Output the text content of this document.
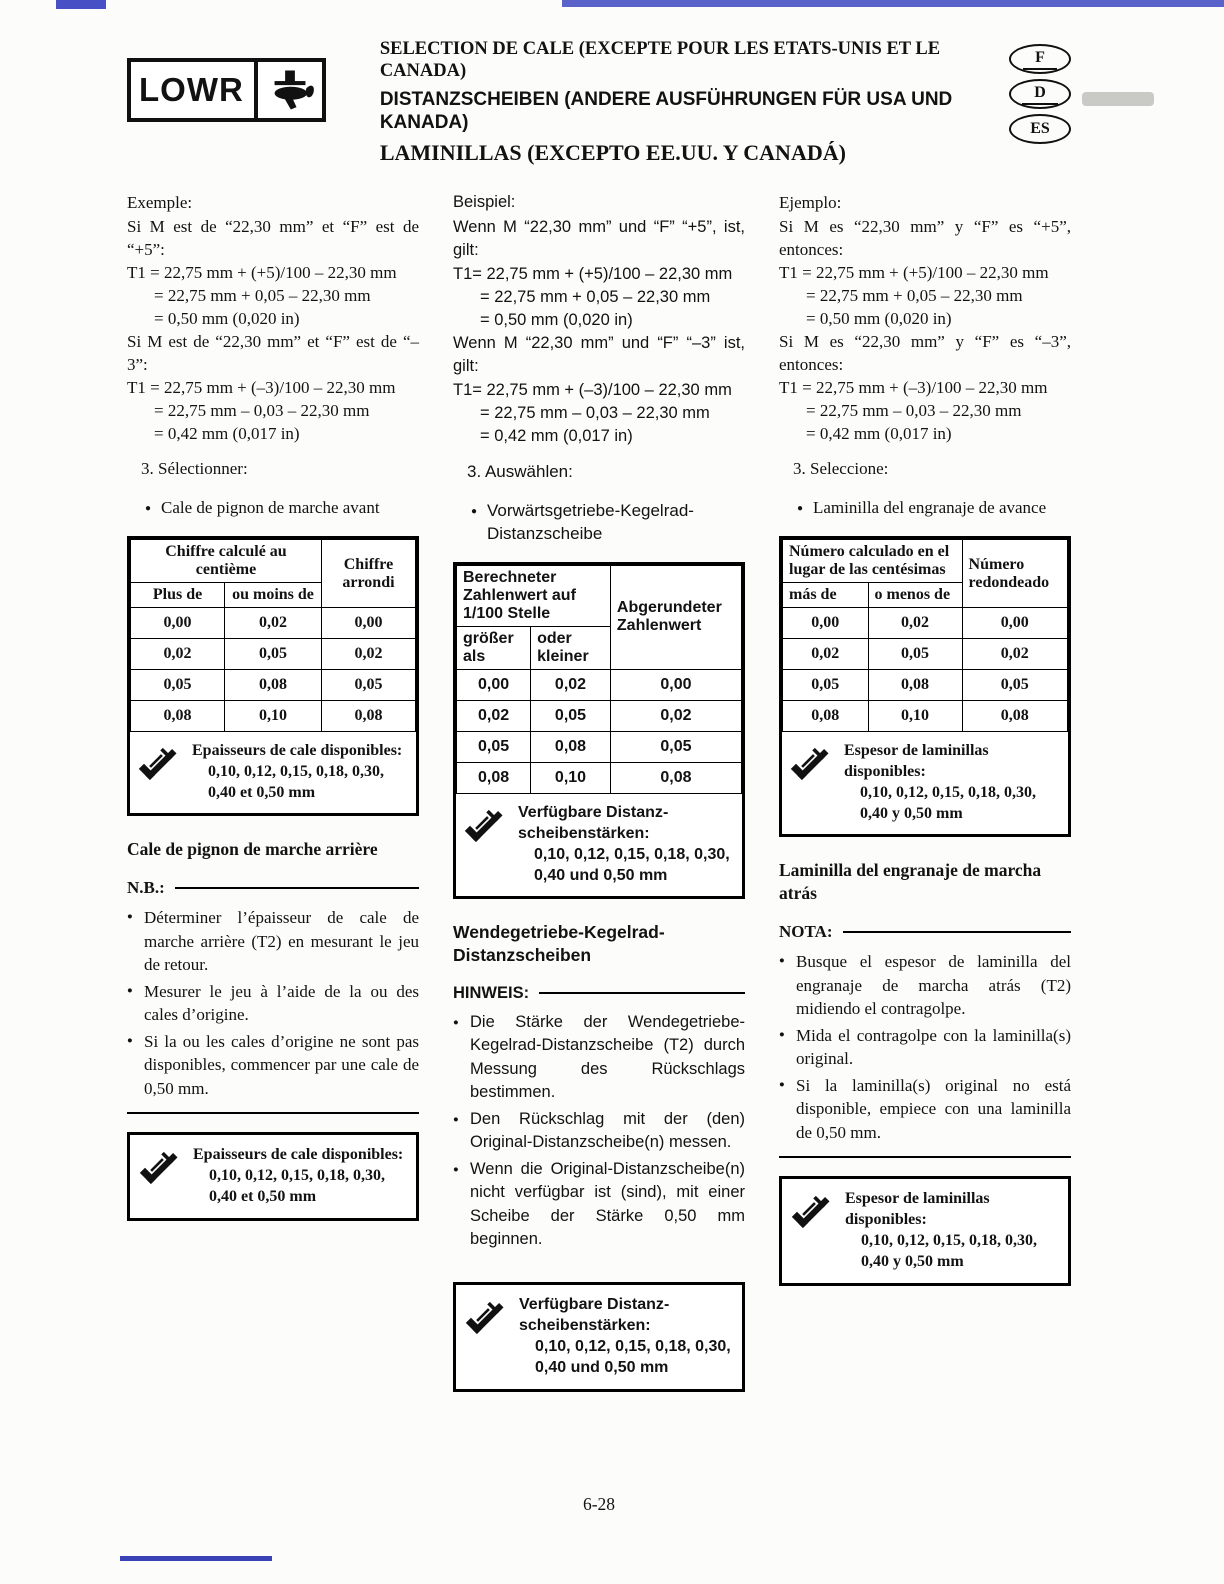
LOWR

SELECTION DE CALE (EXCEPTE POUR LES ETATS-UNIS ET LE CANADA)

DISTANZSCHEIBEN (ANDERE AUSFÜHRUNGEN FÜR USA UND KANADA)

LAMINILLAS (EXCEPTO EE.UU. Y CANADÁ)

F
D
ES

Exemple:

Si M est de “22,30 mm” et “F” est de “+5”:

T1 = 22,75 mm + (+5)/100 – 22,30 mm
= 22,75 mm + 0,05 – 22,30 mm
= 0,50 mm (0,020 in)

Si M est de “22,30 mm” et “F” est de “–3”:

T1 = 22,75 mm + (–3)/100 – 22,30 mm
= 22,75 mm – 0,03 – 22,30 mm
= 0,42 mm (0,017 in)

3. Sélectionner:

● Cale de pignon de marche avant

Chiffre calculé au centième		Chiffre arrondi
Plus de	ou moins de	
0,00	0,02	0,00
0,02	0,05	0,02
0,05	0,08	0,05
0,08	0,10	0,08
Epaisseurs de cale disponibles:
0,10, 0,12, 0,15, 0,18, 0,30, 0,40 et 0,50 mm
Cale de pignon de marche arrière
N.B.:
● Déterminer l’épaisseur de cale de marche arrière (T2) en mesurant le jeu de retour.
● Mesurer le jeu à l’aide de la ou des cales d’origine.
● Si la ou les cales d’origine ne sont pas disponibles, commencer par une cale de 0,50 mm.
Epaisseurs de cale disponibles:
0,10, 0,12, 0,15, 0,18, 0,30, 0,40 et 0,50 mm

Beispiel:

Wenn M “22,30 mm” und “F” “+5”, ist, gilt:

T1= 22,75 mm + (+5)/100 – 22,30 mm
= 22,75 mm + 0,05 – 22,30 mm
= 0,50 mm (0,020 in)

Wenn M “22,30 mm” und “F” “–3” ist, gilt:

T1= 22,75 mm + (–3)/100 – 22,30 mm
= 22,75 mm – 0,03 – 22,30 mm
= 0,42 mm (0,017 in)

3. Auswählen:

● Vorwärtsgetriebe-Kegelrad-Distanzscheibe

Berechneter Zahlenwert auf 1/100 Stelle		Abgerundeter Zahlenwert
größer als	oder kleiner	
0,00	0,02	0,00
0,02	0,05	0,02
0,05	0,08	0,05
0,08	0,10	0,08
Verfügbare Distanzscheibenstärken:
0,10, 0,12, 0,15, 0,18, 0,30, 0,40 und 0,50 mm
Wendegetriebe-Kegelrad-Distanzscheiben
HINWEIS:
● Die Stärke der Wendegetriebe-Kegelrad-Distanzscheibe (T2) durch Messung des Rückschlags bestimmen.
● Den Rückschlag mit der (den) Original-Distanzscheibe(n) messen.
● Wenn die Original-Distanzscheibe(n) nicht verfügbar ist (sind), mit einer Scheibe der Stärke 0,50 mm beginnen.
Verfügbare Distanzscheibenstärken:
0,10, 0,12, 0,15, 0,18, 0,30, 0,40 und 0,50 mm

Ejemplo:

Si M es “22,30 mm” y “F” es “+5”, entonces:

T1 = 22,75 mm + (+5)/100 – 22,30 mm
= 22,75 mm + 0,05 – 22,30 mm
= 0,50 mm (0,020 in)

Si M es “22,30 mm” y “F” es “–3”, entonces:

T1 = 22,75 mm + (–3)/100 – 22,30 mm
= 22,75 mm – 0,03 – 22,30 mm
= 0,42 mm (0,017 in)

3. Seleccione:

● Laminilla del engranaje de avance

Número calculado en el lugar de las centésimas		Número redondeado
más de	o menos de	
0,00	0,02	0,00
0,02	0,05	0,02
0,05	0,08	0,05
0,08	0,10	0,08
Espesor de laminillas disponibles:
0,10, 0,12, 0,15, 0,18, 0,30, 0,40 y 0,50 mm
Laminilla del engranaje de marcha atrás
NOTA:
● Busque el espesor de laminilla del engranaje de marcha atrás (T2) midiendo el contragolpe.
● Mida el contragolpe con la laminilla(s) original.
● Si la laminilla(s) original no está disponible, empiece con una laminilla de 0,50 mm.
Espesor de laminillas disponibles:
0,10, 0,12, 0,15, 0,18, 0,30, 0,40 y 0,50 mm
6-28
